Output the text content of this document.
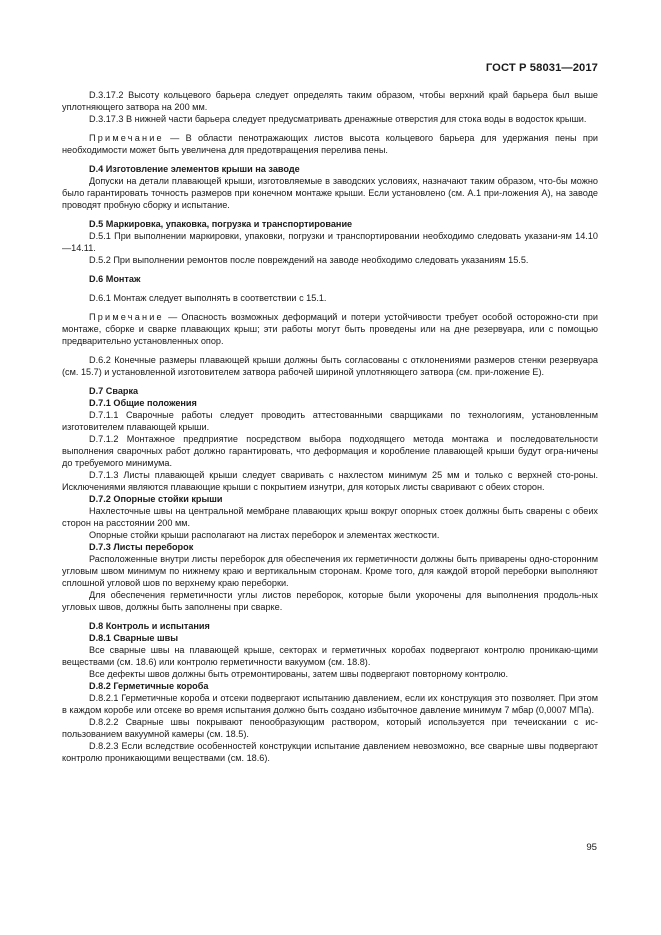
ГОСТ Р 58031—2017

D.3.17.2 Высоту кольцевого барьера следует определять таким образом, чтобы верхний край барьера был выше уплотняющего затвора на 200 мм.

D.3.17.3 В нижней части барьера следует предусматривать дренажные отверстия для стока воды в водосток крыши.

Примечание — В области пенотражающих листов высота кольцевого барьера для удержания пены при необходимости может быть увеличена для предотвращения перелива пены.

D.4 Изготовление элементов крыши на заводе

Допуски на детали плавающей крыши, изготовляемые в заводских условиях, назначают таким образом, что-бы можно было гарантировать точность размеров при конечном монтаже крыши. Если установлено (см. А.1 при-ложения А), на заводе проводят пробную сборку и испытание.

D.5 Маркировка, упаковка, погрузка и транспортирование

D.5.1 При выполнении маркировки, упаковки, погрузки и транспортировании необходимо следовать указани-ям 14.10—14.11.

D.5.2 При выполнении ремонтов после повреждений на заводе необходимо следовать указаниям 15.5.

D.6 Монтаж

D.6.1 Монтаж следует выполнять в соответствии с 15.1.

Примечание — Опасность возможных деформаций и потери устойчивости требует особой осторожно-сти при монтаже, сборке и сварке плавающих крыш; эти работы могут быть проведены или на дне резервуара, или с помощью предварительно установленных опор.

D.6.2 Конечные размеры плавающей крыши должны быть согласованы с отклонениями размеров стенки резервуара (см. 15.7) и установленной изготовителем затвора рабочей шириной уплотняющего затвора (см. при-ложение Е).

D.7 Сварка

D.7.1 Общие положения

D.7.1.1 Сварочные работы следует проводить аттестованными сварщиками по технологиям, установленным изготовителем плавающей крыши.

D.7.1.2 Монтажное предприятие посредством выбора подходящего метода монтажа и последовательности выполнения сварочных работ должно гарантировать, что деформация и коробление плавающей крыши будут огра-ничены до требуемого минимума.

D.7.1.3 Листы плавающей крыши следует сваривать с нахлестом минимум 25 мм и только с верхней сто-роны. Исключениями являются плавающие крыши с покрытием изнутри, для которых листы сваривают с обеих сторон.

D.7.2 Опорные стойки крыши

Нахлесточные швы на центральной мембране плавающих крыш вокруг опорных стоек должны быть сварены с обеих сторон на расстоянии 200 мм.

Опорные стойки крыши располагают на листах переборок и элементах жесткости.

D.7.3 Листы переборок

Расположенные внутри листы переборок для обеспечения их герметичности должны быть приварены одно-сторонним угловым швом минимум по нижнему краю и вертикальным сторонам. Кроме того, для каждой второй переборки выполняют сплошной угловой шов по верхнему краю переборки.

Для обеспечения герметичности углы листов переборок, которые были укорочены для выполнения продоль-ных угловых швов, должны быть заполнены при сварке.

D.8 Контроль и испытания

D.8.1 Сварные швы

Все сварные швы на плавающей крыше, секторах и герметичных коробах подвергают контролю проникаю-щими веществами (см. 18.6) или контролю герметичности вакуумом (см. 18.8).

Все дефекты швов должны быть отремонтированы, затем швы подвергают повторному контролю.

D.8.2 Герметичные короба

D.8.2.1 Герметичные короба и отсеки подвергают испытанию давлением, если их конструкция это позволяет. При этом в каждом коробе или отсеке во время испытания должно быть создано избыточное давление минимум 7 мбар (0,0007 МПа).

D.8.2.2 Сварные швы покрывают пенообразующим раствором, который используется при течеискании с ис-пользованием вакуумной камеры (см. 18.5).

D.8.2.3 Если вследствие особенностей конструкции испытание давлением невозможно, все сварные швы подвергают контролю проникающими веществами (см. 18.6).

95
